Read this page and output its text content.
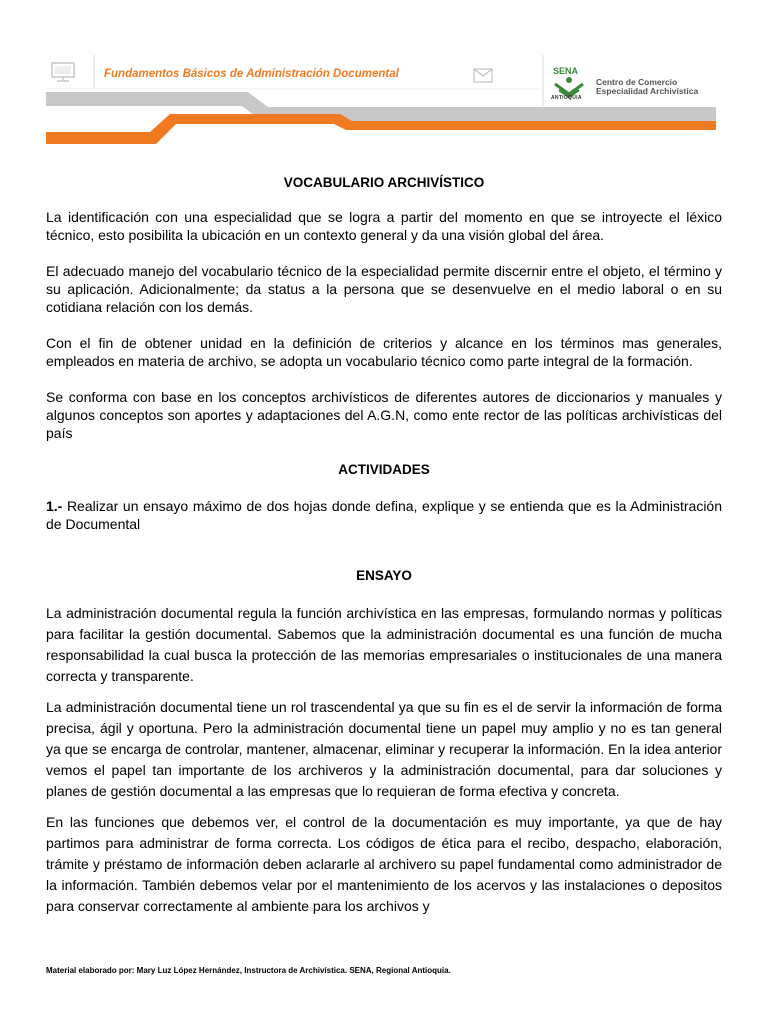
Fundamentos Básicos de Administración Documental	SENA
ANTIOQUIA
Centro de Comercio
Especialidad Archivística

VOCABULARIO ARCHIVÍSTICO

La identificación con una especialidad que se logra a partir del momento en que se introyecte el léxico técnico, esto posibilita la ubicación en un contexto general y da una visión global del área.

El adecuado manejo del vocabulario técnico de la especialidad permite discernir entre el objeto, el término y su aplicación. Adicionalmente; da status a la persona que se desenvuelve en el medio laboral o en su cotidiana relación con los demás.

Con el fin de obtener unidad en la definición de criterios y alcance en los términos mas generales, empleados en materia de archivo, se adopta un vocabulario técnico como parte integral de la formación.

Se conforma con base en los conceptos archivísticos de diferentes autores de diccionarios y manuales y algunos conceptos son aportes y adaptaciones del A.G.N, como ente rector de las políticas archivísticas del país

ACTIVIDADES

1.- Realizar un ensayo máximo de dos hojas donde defina, explique y se entienda que es la Administración de Documental

ENSAYO

La administración documental regula la función archivística en las empresas, formulando normas y políticas para facilitar la gestión documental. Sabemos que la administración documental es una función de mucha responsabilidad la cual busca la protección de las memorias empresariales o institucionales de una manera correcta y transparente.

La administración documental tiene un rol trascendental ya que su fin es el de servir la información de forma precisa, ágil y oportuna. Pero la administración documental tiene un papel muy amplio y no es tan general ya que se encarga de controlar, mantener, almacenar, eliminar y recuperar la información. En la idea anterior vemos el papel tan importante de los archiveros y la administración documental, para dar soluciones y planes de gestión documental a las empresas que lo requieran de forma efectiva y concreta.

En las funciones que debemos ver, el control de la documentación es muy importante, ya que de hay partimos para administrar de forma correcta. Los códigos de ética para el recibo, despacho, elaboración, trámite y préstamo de información deben aclararle al archivero su papel fundamental como administrador de la información. También debemos velar por el mantenimiento de los acervos y las instalaciones o depositos para conservar correctamente al ambiente para los archivos y

Material elaborado por: Mary Luz López Hernández, Instructora de Archivística. SENA, Regional Antioquia.
